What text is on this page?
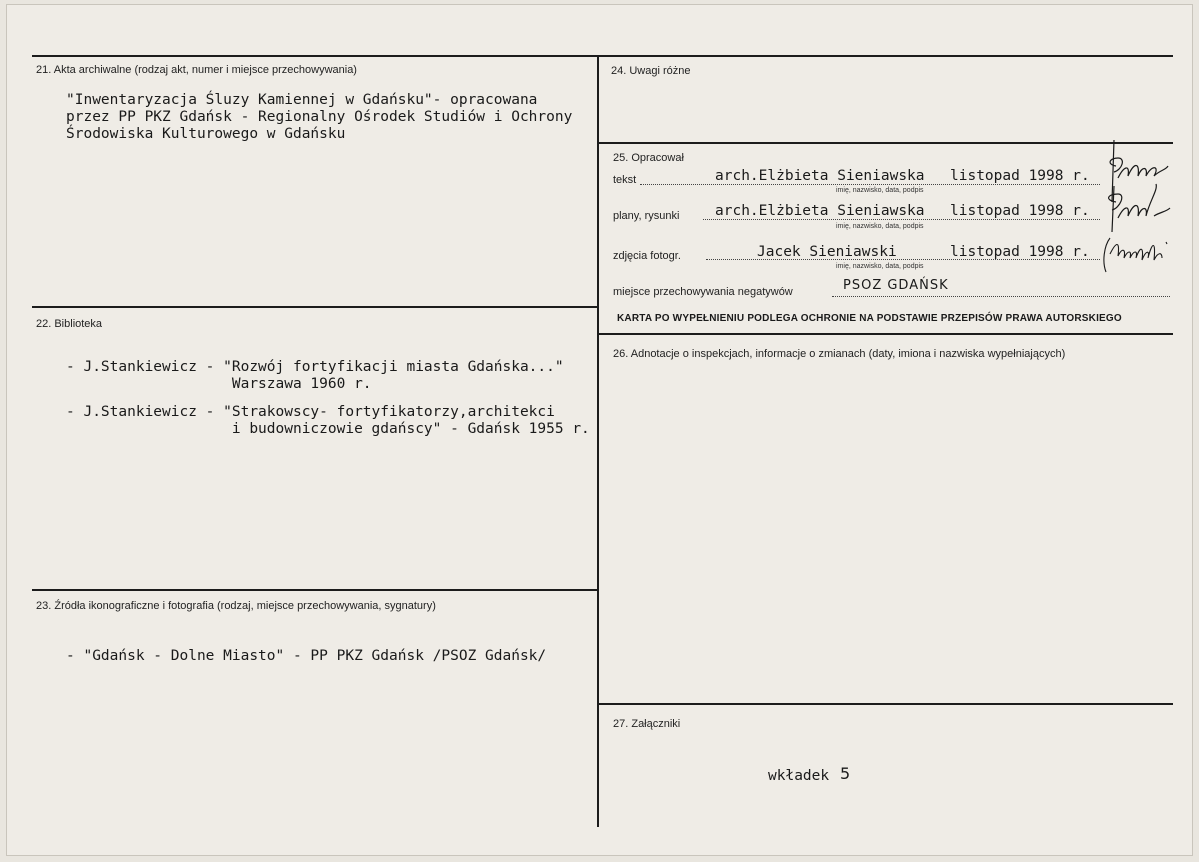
21. Akta archiwalne (rodzaj akt, numer i miejsce przechowywania)
"Inwentaryzacja Śluzy Kamiennej w Gdańsku"- opracowana
przez PP PKZ Gdańsk - Regionalny Ośrodek Studiów i Ochrony
Środowiska Kulturowego w Gdańsku
22. Biblioteka
- J.Stankiewicz - "Rozwój fortyfikacji miasta Gdańska..."
Warszawa 1960 r.
- J.Stankiewicz - "Strakowscy- fortyfikatorzy,architekci
i budowniczowie gdańscy" - Gdańsk 1955 r.
23. Źródła ikonograficzne i fotografia (rodzaj, miejsce przechowywania, sygnatury)
- "Gdańsk - Dolne Miasto" - PP PKZ Gdańsk /PSOZ Gdańsk/
24. Uwagi różne
25. Opracował
tekst	arch.Elżbieta Sieniawska listopad 1998 r.
imię, nazwisko, data, podpis
plany, rysunki arch.Elżbieta Sieniawska listopad 1998 r.
imię, nazwisko, data, podpis
zdjęcia fotogr.	Jacek Sieniawski	listopad 1998 r.
imię, nazwisko, data, podpis
miejsce przechowywania negatywów	PSOZ GDAŃSK
KARTA PO WYPEŁNIENIU PODLEGA OCHRONIE NA PODSTAWIE PRZEPISÓW PRAWA AUTORSKIEGO
26. Adnotacje o inspekcjach, informacje o zmianach (daty, imiona i nazwiska wypełniających)
27. Załączniki
wkładek 5
